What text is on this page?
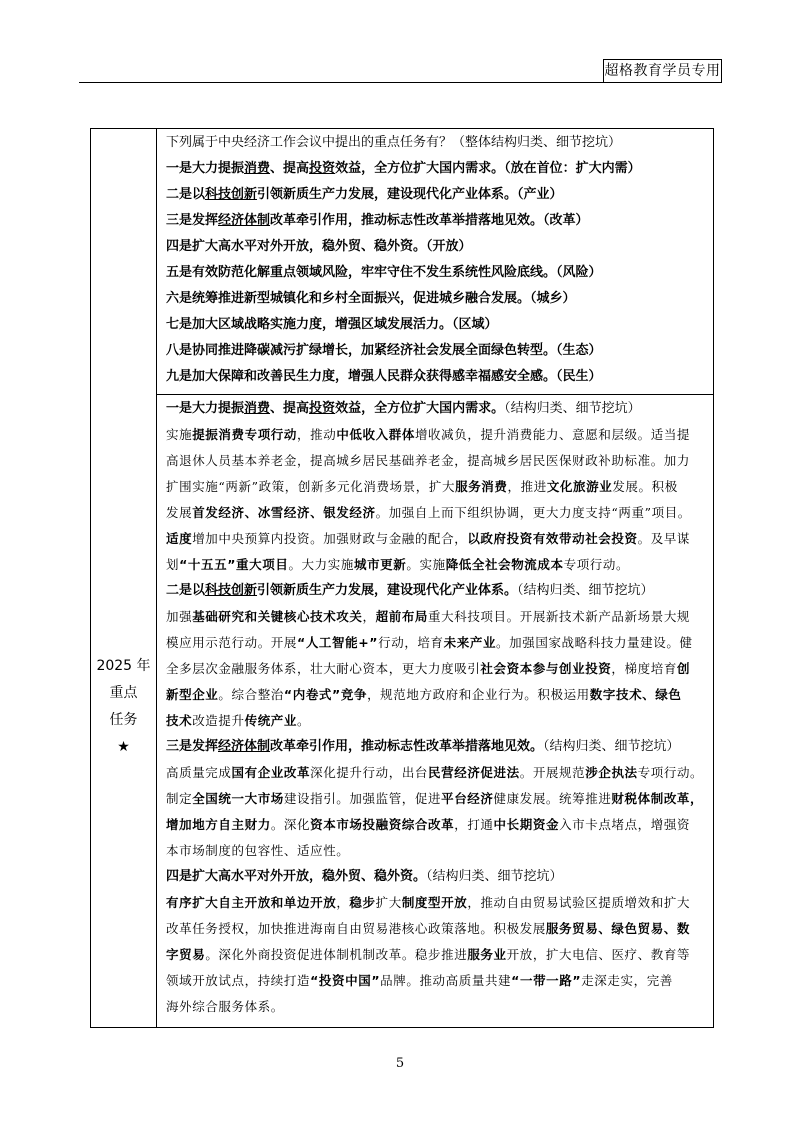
超格教育学员专用
2025 年
重点
任务
★
下列属于中央经济工作会议中提出的重点任务有？（整体结构归类、细节挖坑）
一是大力提振消费、提高投资效益，全方位扩大国内需求。（放在首位：扩大内需）
二是以科技创新引领新质生产力发展，建设现代化产业体系。（产业）
三是发挥经济体制改革牵引作用，推动标志性改革举措落地见效。（改革）
四是扩大高水平对外开放，稳外贸、稳外资。（开放）
五是有效防范化解重点领域风险，牢牢守住不发生系统性风险底线。（风险）
六是统筹推进新型城镇化和乡村全面振兴，促进城乡融合发展。（城乡）
七是加大区域战略实施力度，增强区域发展活力。（区域）
八是协同推进降碳减污扩绿增长，加紧经济社会发展全面绿色转型。（生态）
九是加大保障和改善民生力度，增强人民群众获得感幸福感安全感。（民生）
一是大力提振消费、提高投资效益，全方位扩大国内需求。（结构归类、细节挖坑）
实施提振消费专项行动，推动中低收入群体增收减负，提升消费能力、意愿和层级。适当提
高退休人员基本养老金，提高城乡居民基础养老金，提高城乡居民医保财政补助标准。加力
扩围实施“两新”政策，创新多元化消费场景，扩大服务消费，推进文化旅游业发展。积极
发展首发经济、冰雪经济、银发经济。加强自上而下组织协调，更大力度支持“两重”项目。
适度增加中央预算内投资。加强财政与金融的配合，以政府投资有效带动社会投资。及早谋
划“十五五”重大项目。大力实施城市更新。实施降低全社会物流成本专项行动。
二是以科技创新引领新质生产力发展，建设现代化产业体系。（结构归类、细节挖坑）
加强基础研究和关键核心技术攻关，超前布局重大科技项目。开展新技术新产品新场景大规
模应用示范行动。开展“人工智能+”行动，培育未来产业。加强国家战略科技力量建设。健
全多层次金融服务体系，壮大耐心资本，更大力度吸引社会资本参与创业投资，梯度培育创
新型企业。综合整治“内卷式”竞争，规范地方政府和企业行为。积极运用数字技术、绿色
技术改造提升传统产业。
三是发挥经济体制改革牵引作用，推动标志性改革举措落地见效。（结构归类、细节挖坑）
高质量完成国有企业改革深化提升行动，出台民营经济促进法。开展规范涉企执法专项行动。
制定全国统一大市场建设指引。加强监管，促进平台经济健康发展。统筹推进财税体制改革，
增加地方自主财力。深化资本市场投融资综合改革，打通中长期资金入市卡点堵点，增强资
本市场制度的包容性、适应性。
四是扩大高水平对外开放，稳外贸、稳外资。（结构归类、细节挖坑）
有序扩大自主开放和单边开放，稳步扩大制度型开放，推动自由贸易试验区提质增效和扩大
改革任务授权，加快推进海南自由贸易港核心政策落地。积极发展服务贸易、绿色贸易、数
字贸易。深化外商投资促进体制机制改革。稳步推进服务业开放，扩大电信、医疗、教育等
领域开放试点，持续打造“投资中国”品牌。推动高质量共建“一带一路”走深走实，完善
海外综合服务体系。
5
